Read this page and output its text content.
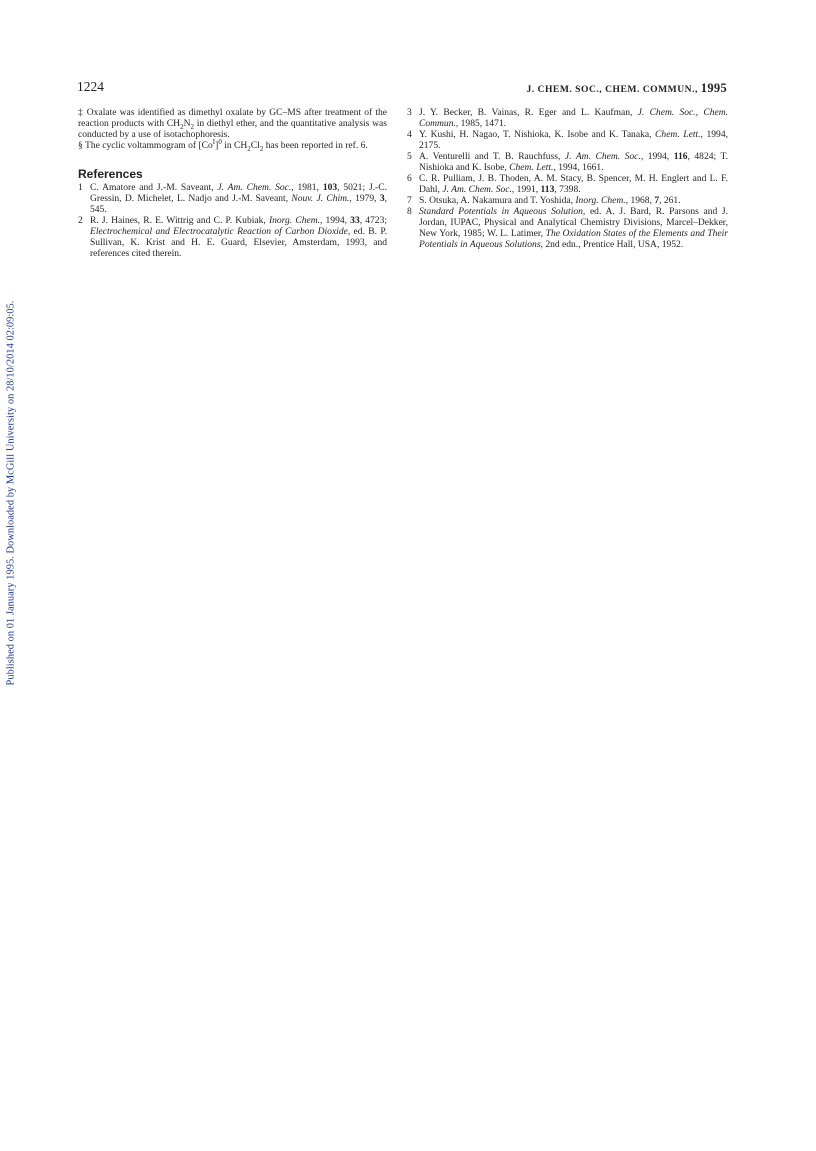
Published on 01 January 1995. Downloaded by McGill University on 28/10/2014 02:09:05.
1224	J. CHEM. SOC., CHEM. COMMUN., 1995

‡ Oxalate was identified as dimethyl oxalate by GC–MS after treatment of the reaction products with $CH_2N_2$ in diethyl ether, and the quantitative analysis was conducted by a use of isotachophoresis.

§ The cyclic voltammogram of $[Co^I]^0$ in $CH_2Cl_2$ has been reported in ref. 6.

References
1 C. Amatore and J.-M. Saveant, J. Am. Chem. Soc., 1981, 103, 5021; J.-C. Gressin, D. Michelet, L. Nadjo and J.-M. Saveant, Nouv. J. Chim., 1979, 3, 545.
2 R. J. Haines, R. E. Wittrig and C. P. Kubiak, Inorg. Chem., 1994, 33, 4723; Electrochemical and Electrocatalytic Reaction of Carbon Dioxide, ed. B. P. Sullivan, K. Krist and H. E. Guard, Elsevier, Amsterdam, 1993, and references cited therein.
3 J. Y. Becker, B. Vainas, R. Eger and L. Kaufman, J. Chem. Soc., Chem. Commun., 1985, 1471.
4 Y. Kushi, H. Nagao, T. Nishioka, K. Isobe and K. Tanaka, Chem. Lett., 1994, 2175.
5 A. Venturelli and T. B. Rauchfuss, J. Am. Chem. Soc., 1994, 116, 4824; T. Nishioka and K. Isobe, Chem. Lett., 1994, 1661.
6 C. R. Pulliam, J. B. Thoden, A. M. Stacy, B. Spencer, M. H. Englert and L. F. Dahl, J. Am. Chem. Soc., 1991, 113, 7398.
7 S. Otsuka, A. Nakamura and T. Yoshida, Inorg. Chem., 1968, 7, 261.
8 Standard Potentials in Aqueous Solution, ed. A. J. Bard, R. Parsons and J. Jordan, IUPAC, Physical and Analytical Chemistry Divisions, Marcel–Dekker, New York, 1985; W. L. Latimer, The Oxidation States of the Elements and Their Potentials in Aqueous Solutions, 2nd edn., Prentice Hall, USA, 1952.
